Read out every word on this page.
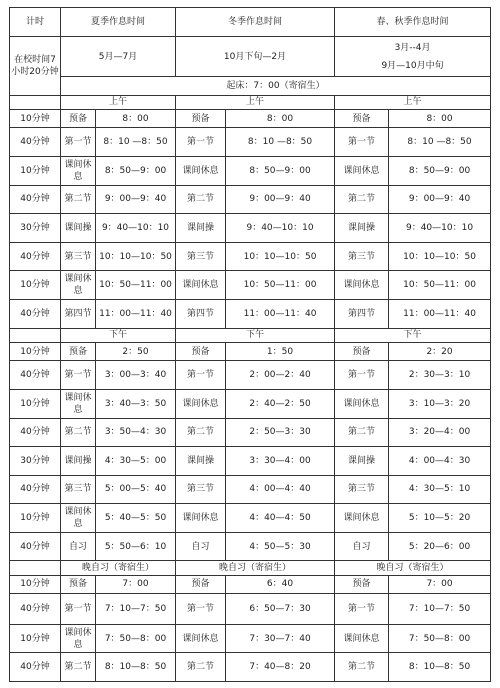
计时	夏季作息时间		冬季作息时间		春、秋季作息时间	
在校时间7小时20分钟	5月—7月		10月下旬—2月		3月--4月
9月—10月中旬	

	起床：7：00（寄宿生）					
	上午		上午		上午	
10分钟	预备	8：00	预备	8：00	预备	8：00
40分钟	第一节	8：10 —8：50	第一节	8：10 —8：50	第一节	8：10 —8：50
10分钟	课间休息	8：50—9：00	课间休息	8：50—9：00	课间休息	8：50—9：00
40分钟	第二节	9：00—9：40	第二节	9：00—9：40	第二节	9：00—9：40
30分钟	课间操	9：40—10：10	课间操	9：40—10：10	课间操	9：40—10：10
40分钟	第三节	10：10—10：50	第三节	10：10—10：50	第三节	10：10—10：50
10分钟	课间休息	10：50—11：00	课间休息	10：50—11：00	课间休息	10：50—11：00
40分钟	第四节	11：00—11：40	第四节	11：00—11：40	第四节	11：00—11：40
	下午		下午		下午	
10分钟	预备	2：50	预备	1：50	预备	2：20
40分钟	第一节	3：00—3：40	第一节	2：00—2：40	第一节	2：30—3：10
10分钟	课间休息	3：40—3：50	课间休息	2：40—2：50	课间休息	3：10—3：20
40分钟	第二节	3：50—4：30	第二节	2：50—3：30	第二节	3：20—4：00
30分钟	课间操	4：30—5：00	课间操	3：30—4：00	课间操	4：00—4：30
40分钟	第三节	5：00—5：40	第三节	4：00—4：40	第三节	4：30—5：10
10分钟	课间休息	5：40—5：50	课间休息	4：40—4：50	课间休息	5：10—5：20
40分钟	自习	5：50—6：10	自习	4：50—5：30	自习	5：20—6：00
	晚自习（寄宿生）		晚自习（寄宿生）		晚自习（寄宿生）	
10分钟	预备	7：00	预备	6：40	预备	7：00
40分钟	第一节	7：10—7：50	第一节	6：50—7：30	第一节	7：10—7：50
10分钟	课间休息	7：50—8：00	课间休息	7：30—7：40	课间休息	7：50—8：00
40分钟	第二节	8：10—8：50	第二节	7：40—8：20	第二节	8：10—8：50
